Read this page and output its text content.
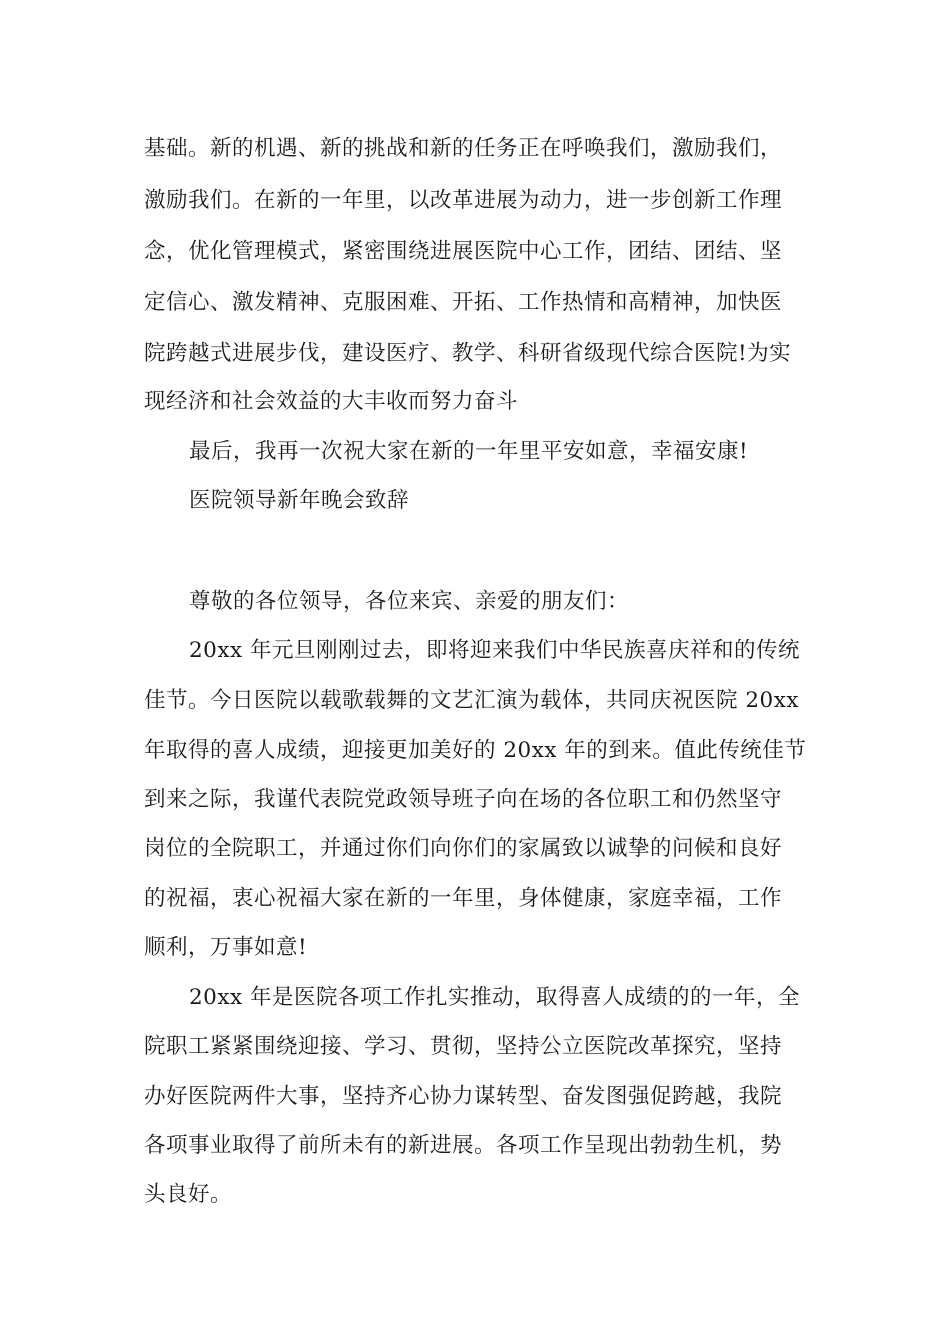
基础。新的机遇、新的挑战和新的任务正在呼唤我们，激励我们，
激励我们。在新的一年里，以改革进展为动力，进一步创新工作理
念，优化管理模式，紧密围绕进展医院中心工作，团结、团结、坚
定信心、激发精神、克服困难、开拓、工作热情和高精神，加快医
院跨越式进展步伐，建设医疗、教学、科研省级现代综合医院!为实
现经济和社会效益的大丰收而努力奋斗
最后，我再一次祝大家在新的一年里平安如意，幸福安康!
医院领导新年晚会致辞
尊敬的各位领导，各位来宾、亲爱的朋友们：
20xx 年元旦刚刚过去，即将迎来我们中华民族喜庆祥和的传统
佳节。今日医院以载歌载舞的文艺汇演为载体，共同庆祝医院 20xx
年取得的喜人成绩，迎接更加美好的 20xx 年的到来。值此传统佳节
到来之际，我谨代表院党政领导班子向在场的各位职工和仍然坚守
岗位的全院职工，并通过你们向你们的家属致以诚挚的问候和良好
的祝福，衷心祝福大家在新的一年里，身体健康，家庭幸福，工作
顺利，万事如意!
20xx 年是医院各项工作扎实推动，取得喜人成绩的的一年，全
院职工紧紧围绕迎接、学习、贯彻，坚持公立医院改革探究，坚持
办好医院两件大事，坚持齐心协力谋转型、奋发图强促跨越，我院
各项事业取得了前所未有的新进展。各项工作呈现出勃勃生机，势
头良好。
